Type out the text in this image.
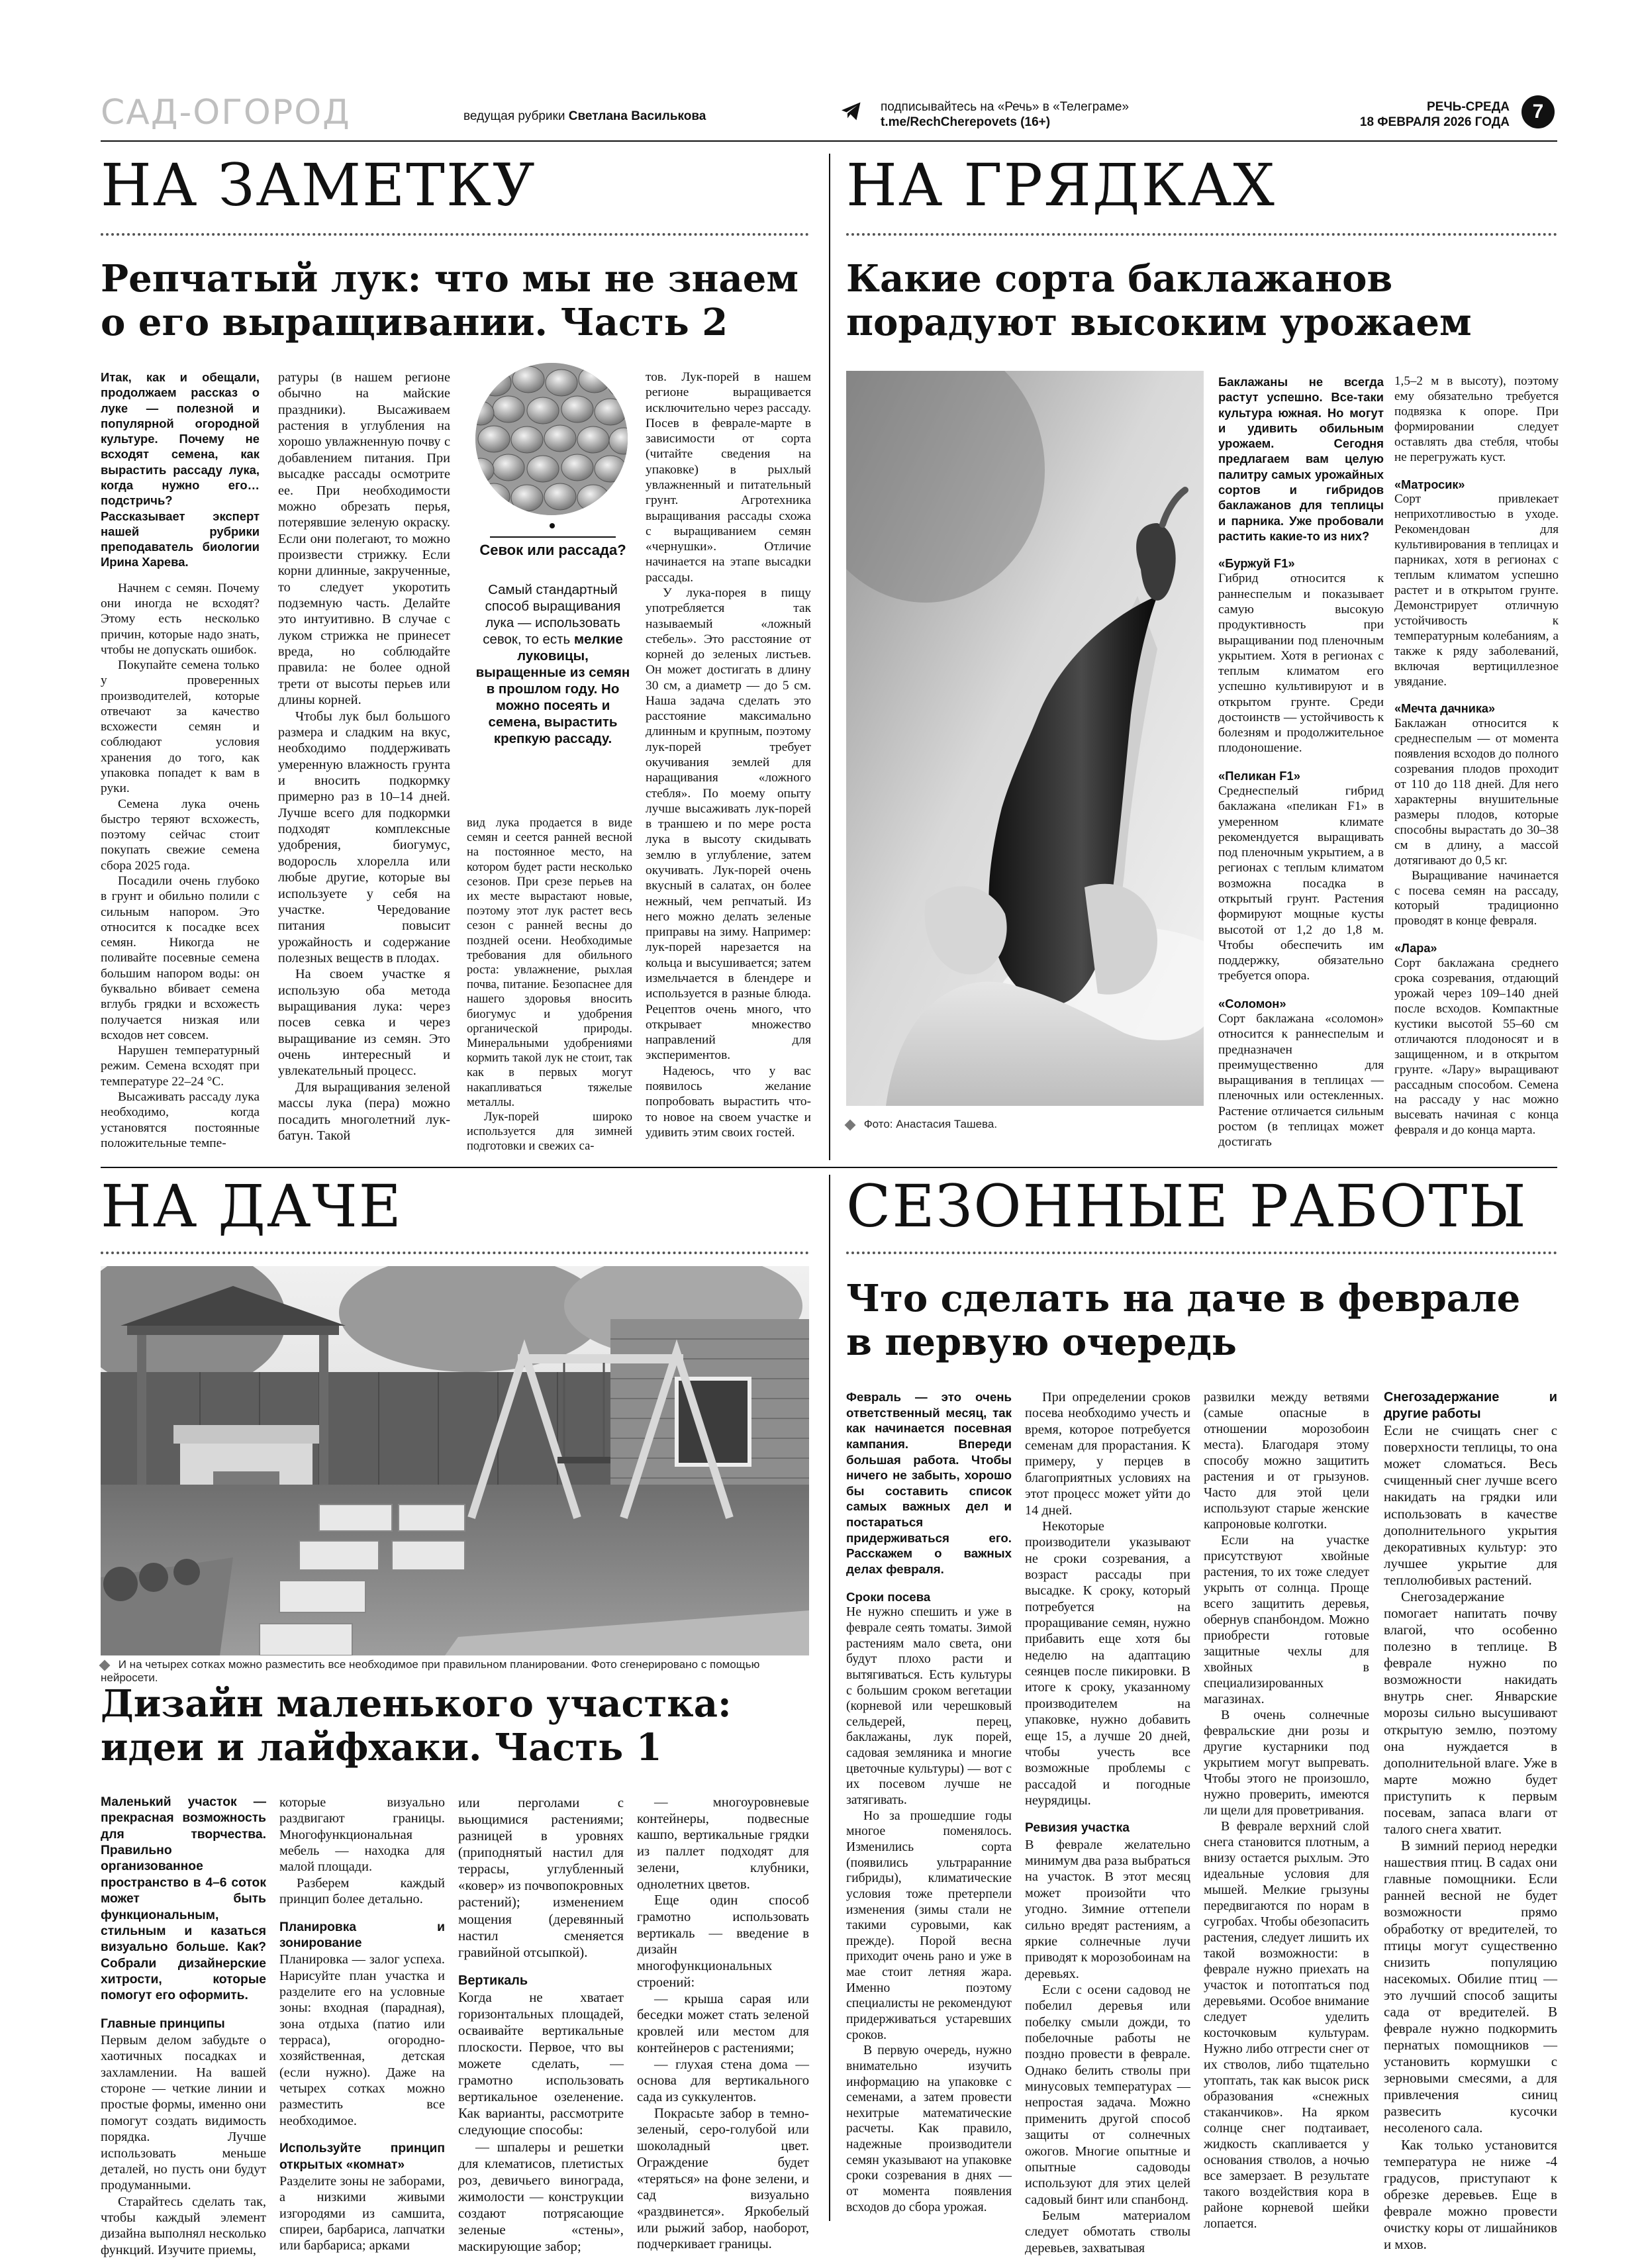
САД-ОГОРОД	ведущая рубрики Светлана Василькова
подписывайтесь на «Речь» в «Телеграме»
t.me/RechCherepovets (16+)
РЕЧЬ-СРЕДА
18 ФЕВРАЛЯ 2026 ГОДА	7
НА ЗАМЕТКУ
Репчатый лук: что мы не знаем о его выращивании. Часть 2

Итак, как и обещали, продолжаем рассказ о луке — полезной и популярной огородной культуре. Почему не всходят семена, как вырастить рассаду лука, когда нужно его… подстричь? Рассказывает эксперт нашей рубрики преподаватель биологии Ирина Харева.

Начнем с семян. Почему они иногда не всходят? Этому есть несколько причин, которые надо знать, чтобы не допускать ошибок.

Покупайте семена только у проверенных производителей, которые отвечают за качество всхожести семян и соблюдают условия хранения до того, как упаковка попадет к вам в руки.

Семена лука очень быстро теряют всхожесть, поэтому сейчас стоит покупать свежие семена сбора 2025 года.

Посадили очень глубоко в грунт и обильно полили с сильным напором. Это относится к посадке всех семян. Никогда не поливайте посевные семена большим напором воды: он буквально вбивает семена вглубь грядки и всхожесть получается низкая или всходов нет совсем.

Нарушен температурный режим. Семена всходят при температуре 22–24 °С.

Высаживать рассаду лука необходимо, когда установятся постоянные положительные темпе-

ратуры (в нашем регионе обычно на майские праздники). Высаживаем растения в углубления на хорошо увлажненную почву с добавлением питания. При высадке рассады осмотрите ее. При необходимости можно обрезать перья, потерявшие зеленую окраску. Если они полегают, то можно произвести стрижку. Если корни длинные, закрученные, то следует укоротить подземную часть. Делайте это интуитивно. В случае с луком стрижка не принесет вреда, но соблюдайте правила: не более одной трети от высоты перьев или длины корней.

Чтобы лук был большого размера и сладким на вкус, необходимо поддерживать умеренную влажность грунта и вносить подкормку примерно раз в 10–14 дней. Лучше всего для подкормки подходят комплексные удобрения, биогумус, водоросль хлорелла или любые другие, которые вы используете у себя на участке. Чередование питания повысит урожайность и содержание полезных веществ в плодах.

На своем участке я использую оба метода выращивания лука: через посев севка и через выращивание из семян. Это очень интересный и увлекательный процесс.

Для выращивания зеленой массы лука (пера) можно посадить многолетний лук-батун. Такой

Севок или рассада?
Самый стандартный способ выращивания лука — использовать севок, то есть мелкие луковицы, выращенные из семян в прошлом году. Но можно посеять и семена, вырастить крепкую рассаду.

вид лука продается в виде семян и сеется ранней весной на постоянное место, на котором будет расти несколько сезонов. При срезе перьев на их месте вырастают новые, поэтому этот лук растет весь сезон с ранней весны до поздней осени. Необходимые требования для обильного роста: увлажнение, рыхлая почва, питание. Безопаснее для нашего здоровья вносить биогумус и удобрения органической природы. Минеральными удобрениями кормить такой лук не стоит, так как в первых могут накапливаться тяжелые металлы.

Лук-порей широко используется для зимней подготовки и свежих са-

тов. Лук-порей в нашем регионе выращивается исключительно через рассаду. Посев в феврале-марте в зависимости от сорта (читайте сведения на упаковке) в рыхлый увлажненный и питательный грунт. Агротехника выращивания рассады схожа с выращиванием семян «чернушки». Отличие начинается на этапе высадки рассады.

У лука-порея в пищу употребляется так называемый «ложный стебель». Это расстояние от корней до зеленых листьев. Он может достигать в длину 30 см, а диаметр — до 5 см. Наша задача сделать это расстояние максимально длинным и крупным, поэтому лук-порей требует окучивания землей для наращивания «ложного стебля». По моему опыту лучше высаживать лук-порей в траншею и по мере роста лука в высоту скидывать землю в углубление, затем окучивать. Лук-порей очень вкусный в салатах, он более нежный, чем репчатый. Из него можно делать зеленые приправы на зиму. Например: лук-порей нарезается на кольца и высушивается; затем измельчается в блендере и используется в разные блюда. Рецептов очень много, что открывает множество направлений для экспериментов.

Надеюсь, что у вас появилось желание попробовать вырастить что-то новое на своем участке и удивить этим своих гостей.

НА ГРЯДКАХ
Какие сорта баклажанов порадуют высоким урожаем
Фото: Анастасия Ташева.

Баклажаны не всегда растут успешно. Все-таки культура южная. Но могут и удивить обильным урожаем. Сегодня предлагаем вам целую палитру самых урожайных сортов и гибридов баклажанов для теплицы и парника. Уже пробовали растить какие-то из них?

«Буржуй F1»

Гибрид относится к раннеспелым и показывает самую высокую продуктивность при выращивании под пленочным укрытием. Хотя в регионах с теплым климатом его успешно культивируют и в открытом грунте. Среди достоинств — устойчивость к болезням и продолжительное плодоношение.

«Пеликан F1»

Среднеспелый гибрид баклажана «пеликан F1» в умеренном климате рекомендуется выращивать под пленочным укрытием, а в регионах с теплым климатом возможна посадка в открытый грунт. Растения формируют мощные кусты высотой от 1,2 до 1,8 м. Чтобы обеспечить им поддержку, обязательно требуется опора.

«Соломон»

Сорт баклажана «соломон» относится к раннеспелым и предназначен преимущественно для выращивания в теплицах — пленочных или остекленных. Растение отличается сильным ростом (в теплицах может достигать

1,5–2 м в высоту), поэтому ему обязательно требуется подвязка к опоре. При формировании следует оставлять два стебля, чтобы не перегружать куст.

«Матросик»

Сорт привлекает неприхотливостью в уходе. Рекомендован для культивирования в теплицах и парниках, хотя в регионах с теплым климатом успешно растет и в открытом грунте. Демонстрирует отличную устойчивость к температурным колебаниям, а также к ряду заболеваний, включая вертициллезное увядание.

«Мечта дачника»

Баклажан относится к среднеспелым — от момента появления всходов до полного созревания плодов проходит от 110 до 118 дней. Для него характерны внушительные размеры плодов, которые способны вырастать до 30–38 см в длину, а массой дотягивают до 0,5 кг.

Выращивание начинается с посева семян на рассаду, который традиционно проводят в конце февраля.

«Лара»

Сорт баклажана среднего срока созревания, отдающий урожай через 109–140 дней после всходов. Компактные кустики высотой 55–60 см отличаются плодоносят и в защищенном, и в открытом грунте. «Лару» выращивают рассадным способом. Семена на рассаду у нас можно высевать начиная с конца февраля и до конца марта.

НА ДАЧЕ
И на четырех сотках можно разместить все необходимое при правильном планировании. Фото сгенерировано с помощью нейросети.
Дизайн маленького участка: идеи и лайфхаки. Часть 1

Маленький участок — прекрасная возможность для творчества. Правильно организованное пространство в 4–6 соток может быть функциональным, стильным и казаться визуально больше. Как? Собрали дизайнерские хитрости, которые помогут его оформить.

Главные принципы

Первым делом забудьте о хаотичных посадках и захламлении. На вашей стороне — четкие линии и простые формы, именно они помогут создать видимость порядка. Лучше использовать меньше деталей, но пусть они будут продуманными.

Старайтесь сделать так, чтобы каждый элемент дизайна выполнял несколько функций. Изучите приемы,

которые визуально раздвигают границы. Многофункциональная мебель — находка для малой площади.

Разберем каждый принцип более детально.

Планировка и зонирование

Планировка — залог успеха. Нарисуйте план участка и разделите его на условные зоны: входная (парадная), зона отдыха (патио или терраса), огородно-хозяйственная, детская (если нужно). Даже на четырех сотках можно разместить все необходимое.

Используйте принцип открытых «комнат»

Разделите зоны не заборами, а низкими живыми изгородями из самшита, спиреи, барбариса, лапчатки или барбариса; арками

или перголами с вьющимися растениями; разницей в уровнях (приподнятый настил для террасы, углубленный «ковер» из почвопокровных растений); изменением мощения (деревянный настил сменяется гравийной отсыпкой).

Вертикаль

Когда не хватает горизонтальных площадей, осваивайте вертикальные плоскости. Первое, что вы можете сделать, — грамотно использовать вертикальное озеленение. Как варианты, рассмотрите следующие способы:

— шпалеры и решетки для клематисов, плетистых роз, девичьего винограда, жимолости — конструкции создают потрясающие зеленые «стены», маскирующие забор;

— многоуровневые контейнеры, подвесные кашпо, вертикальные грядки из паллет подходят для зелени, клубники, однолетних цветов.

Еще один способ грамотно использовать вертикаль — введение в дизайн многофункциональных строений:

— крыша сарая или беседки может стать зеленой кровлей или местом для контейнеров с растениями;

— глухая стена дома — основа для вертикального сада из суккулентов.

Покрасьте забор в темно-зеленый, серо-голубой или шоколадный цвет. Ограждение будет «теряться» на фоне зелени, и сад визуально «раздвинется». Яркобелый или рыжий забор, наоборот, подчеркивает границы.

СЕЗОННЫЕ РАБОТЫ
Что сделать на даче в феврале в первую очередь

Февраль — это очень ответственный месяц, так как начинается посевная кампания. Впереди большая работа. Чтобы ничего не забыть, хорошо бы составить список самых важных дел и постараться придерживаться его. Расскажем о важных делах февраля.

Сроки посева

Не нужно спешить и уже в феврале сеять томаты. Зимой растениям мало света, они будут плохо расти и вытягиваться. Есть культуры с большим сроком вегетации (корневой или черешковый сельдерей, перец, баклажаны, лук порей, садовая земляника и многие цветочные культуры) — вот с их посевом лучше не затягивать.

Но за прошедшие годы многое поменялось. Изменились сорта (появились ультраранние гибриды), климатические условия тоже претерпели изменения (зимы стали не такими суровыми, как прежде). Порой весна приходит очень рано и уже в мае стоит летняя жара. Именно поэтому специалисты не рекомендуют придерживаться устаревших сроков.

В первую очередь, нужно внимательно изучить информацию на упаковке с семенами, а затем провести нехитрые математические расчеты. Как правило, надежные производители семян указывают на упаковке сроки созревания в днях — от момента появления всходов до сбора урожая.

При определении сроков посева необходимо учесть и время, которое потребуется семенам для прорастания. К примеру, у перцев в благоприятных условиях на этот процесс может уйти до 14 дней.

Некоторые производители указывают не сроки созревания, а возраст рассады при высадке. К сроку, который потребуется на проращивание семян, нужно прибавить еще хотя бы неделю на адаптацию сеянцев после пикировки. В итоге к сроку, указанному производителем на упаковке, нужно добавить еще 15, а лучше 20 дней, чтобы учесть все возможные проблемы с рассадой и погодные неурядицы.

Ревизия участка

В феврале желательно минимум два раза выбраться на участок. В этот месяц может произойти что угодно. Зимние оттепели сильно вредят растениям, а яркие солнечные лучи приводят к морозобоинам на деревьях.

Если с осени садовод не побелил деревья или побелку смыли дожди, то побелочные работы не поздно провести в феврале. Однако белить стволы при минусовых температурах — непростая задача. Можно применить другой способ защиты от солнечных ожогов. Многие опытные и опытные садоводы используют для этих целей садовый бинт или спанбонд.

Белым материалом следует обмотать стволы деревьев, захватывая

развилки между ветвями (самые опасные в отношении морозобоин места). Благодаря этому способу можно защитить растения и от грызунов. Часто для этой цели используют старые женские капроновые колготки.

Если на участке присутствуют хвойные растения, то их тоже следует укрыть от солнца. Проще всего защитить деревья, обернув спанбондом. Можно приобрести готовые защитные чехлы для хвойных в специализированных магазинах.

В очень солнечные февральские дни розы и другие кустарники под укрытием могут выпревать. Чтобы этого не произошло, нужно проверить, имеются ли щели для проветривания.

В феврале верхний слой снега становится плотным, а внизу остается рыхлым. Это идеальные условия для мышей. Мелкие грызуны передвигаются по норам в сугробах. Чтобы обезопасить растения, следует лишить их такой возможности: в феврале нужно приехать на участок и потоптаться под деревьями. Особое внимание следует уделить косточковым культурам. Нужно либо отгрести снег от их стволов, либо тщательно утоптать, так как высок риск образования «снежных стаканчиков». На ярком солнце снег подтаивает, жидкость скапливается у основания стволов, а ночью все замерзает. В результате такого воздействия кора в районе корневой шейки лопается.

Снегозадержание и другие работы

Если не счищать снег с поверхности теплицы, то она может сломаться. Весь счищенный снег лучше всего накидать на грядки или использовать в качестве дополнительного укрытия декоративных культур: это лучшее укрытие для теплолюбивых растений.

Снегозадержание помогает напитать почву влагой, что особенно полезно в теплице. В феврале нужно по возможности накидать внутрь снег. Январские морозы сильно высушивают открытую землю, поэтому она нуждается в дополнительной влаге. Уже в марте можно будет приступить к первым посевам, запаса влаги от талого снега хватит.

В зимний период нередки нашествия птиц. В садах они главные помощники. Если ранней весной не будет возможности прямо обработку от вредителей, то птицы могут существенно снизить популяцию насекомых. Обилие птиц — это лучший способ защиты сада от вредителей. В феврале нужно подкормить пернатых помощников — установить кормушки с зерновыми смесями, а для привлечения синиц развесить кусочки несоленого сала.

Как только установится температура не ниже -4 градусов, приступают к обрезке деревьев. Еще в феврале можно провести очистку коры от лишайников и мхов.
